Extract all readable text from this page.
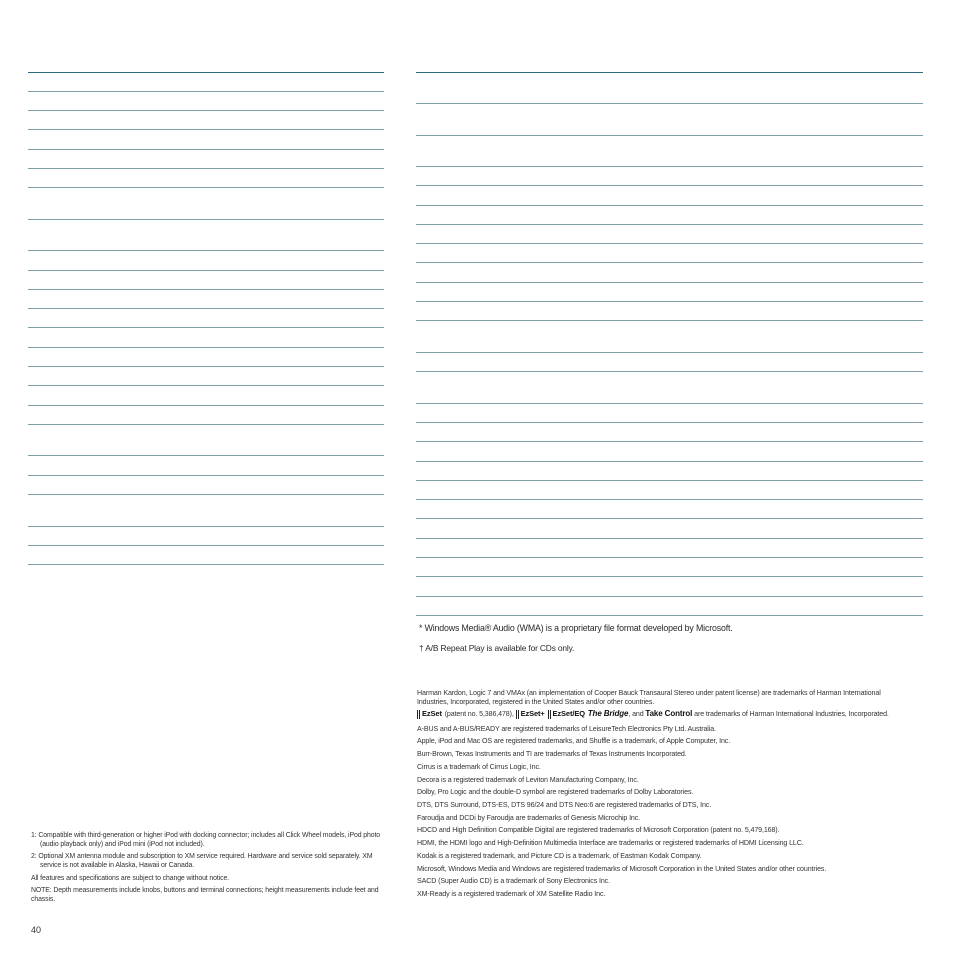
* Windows Media® Audio (WMA) is a proprietary file format developed by Microsoft.
† A/B Repeat Play is available for CDs only.

Harman Kardon, Logic 7 and VMAx (an implementation of Cooper Bauck Transaural Stereo under patent license) are trademarks of Harman International Industries, Incorporated, registered in the United States and/or other countries.

EzSet (patent no. 5,386,478), EzSet+ EzSet/EQ The Bridge, and Take Control are trademarks of Harman International Industries, Incorporated.

A-BUS and A-BUS/READY are registered trademarks of LeisureTech Electronics Pty Ltd. Australia.

Apple, iPod and Mac OS are registered trademarks, and Shuffle is a trademark, of Apple Computer, Inc.

Burr-Brown, Texas Instruments and TI are trademarks of Texas Instruments Incorporated.

Cirrus is a trademark of Cirrus Logic, Inc.

Decora is a registered trademark of Leviton Manufacturing Company, Inc.

Dolby, Pro Logic and the double-D symbol are registered trademarks of Dolby Laboratories.

DTS, DTS Surround, DTS-ES, DTS 96/24 and DTS Neo:6 are registered trademarks of DTS, Inc.

Faroudja and DCDi by Faroudja are trademarks of Genesis Microchip Inc.

HDCD and High Definition Compatible Digital are registered trademarks of Microsoft Corporation (patent no. 5,479,168).

HDMI, the HDMI logo and High-Definition Multimedia Interface are trademarks or registered trademarks of HDMI Licensing LLC.

Kodak is a registered trademark, and Picture CD is a trademark, of Eastman Kodak Company.

Microsoft, Windows Media and Windows are registered trademarks of Microsoft Corporation in the United States and/or other countries.

SACD (Super Audio CD) is a trademark of Sony Electronics Inc.

XM-Ready is a registered trademark of XM Satellite Radio Inc.

1: Compatible with third-generation or higher iPod with docking connector; includes all Click Wheel models, iPod photo (audio playback only) and iPod mini (iPod not included).

2: Optional XM antenna module and subscription to XM service required. Hardware and service sold separately. XM service is not available in Alaska, Hawaii or Canada.

All features and specifications are subject to change without notice.

NOTE: Depth measurements include knobs, buttons and terminal connections; height measurements include feet and chassis.

40
